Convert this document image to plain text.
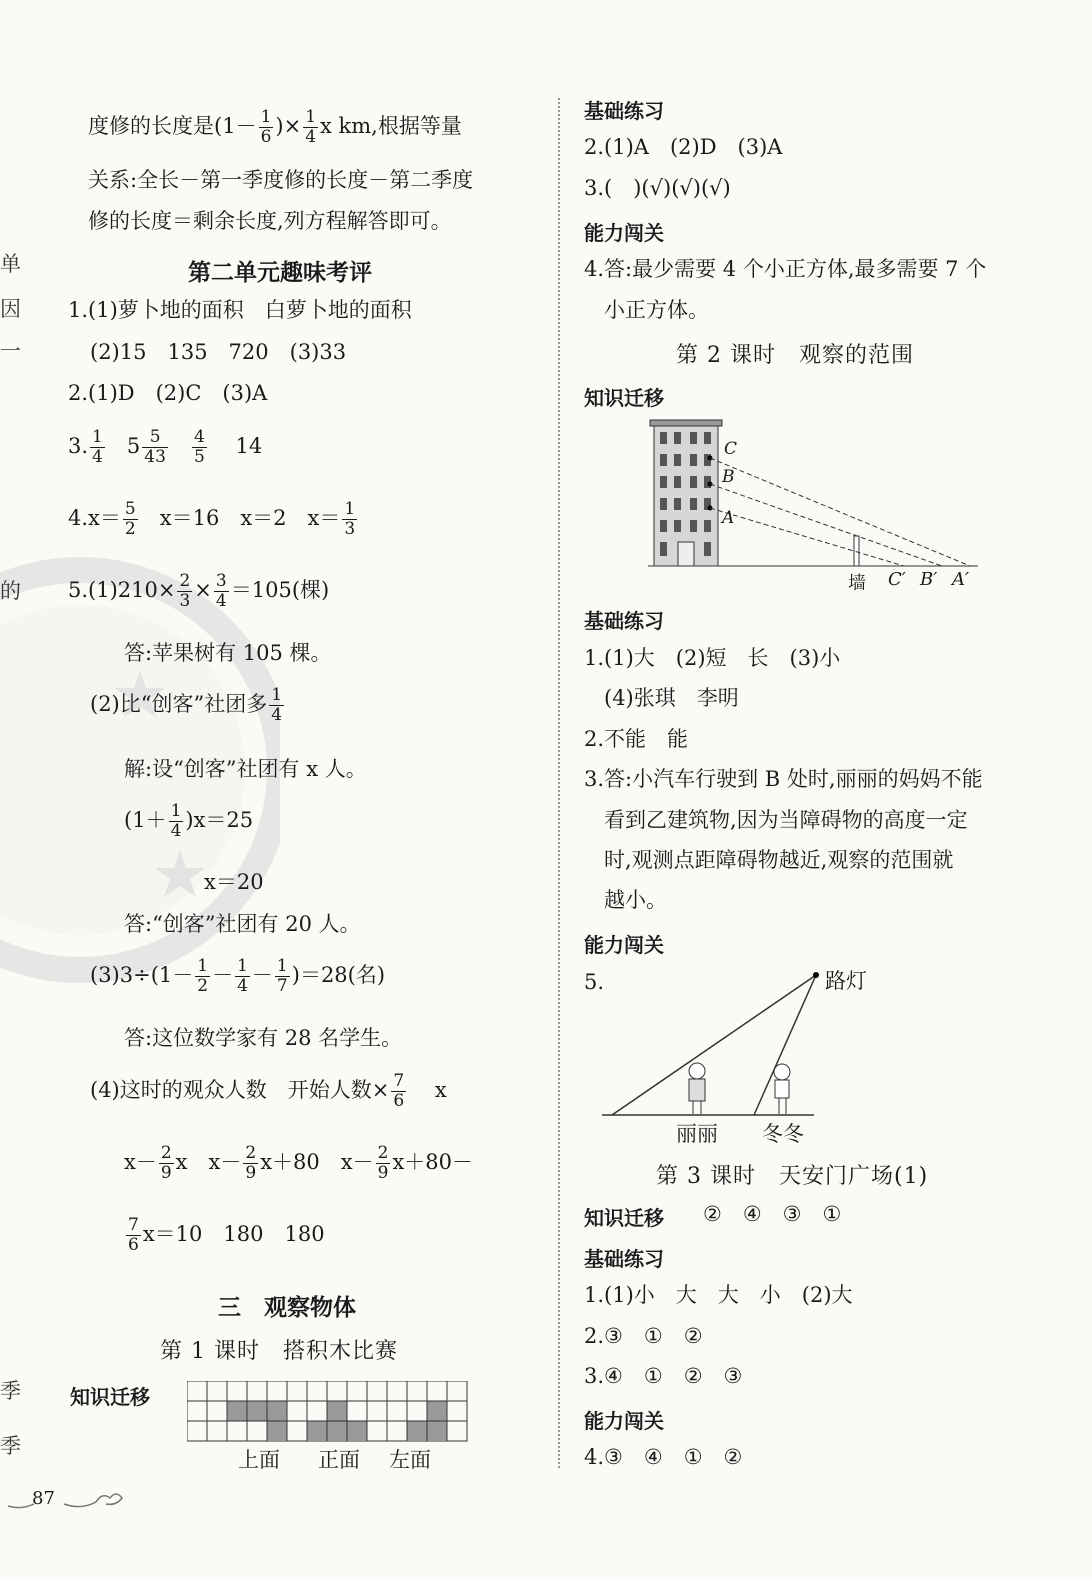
单
因
一
的
季
季
度修的长度是($1- \frac{1}{6}$ )× $\frac{1}{4}$ x km,根据等量
关系:全长－第一季度修的长度－第二季度
修的长度＝剩余长度,列方程解答即可。
第二单元趣味考评
1.(1)萝卜地的面积　白萝卜地的面积
(2)15　135　720　(3)33
2.(1)D　(2)C　(3)A
3. $\frac{1}{4} 5 \frac{5}{43}$
$\frac{4}{5} 14$
$4.x= \frac{5}{2} x=16$　x＝2　$x= \frac{1}{3}$
$5.(1)210\times \frac{2}{3} \times \frac{3}{4} =105$(棵)
答:苹果树有 105 棵。
(2)比“创客”社团多 $\frac{1}{4}$
解:设“创客”社团有 x 人。
$(1+ \frac{1}{4} )x=25$
x＝20
答:“创客”社团有 20 人。
$(3)3\div(1- \frac{1}{2} - \frac{1}{4} - \frac{1}{7} )=28$(名)
答:这位数学家有 28 名学生。
(4)这时的观众人数　开始人数× $\frac{7}{6}$ x
$x- \frac{2}{9}$ x　$x- \frac{2}{9} x+80$　$x- \frac{2}{9} x+80-$
$\frac{7}{6} x=10$　180　180
三　观察物体
第 1 课时　搭积木比赛
知识迁移
上面 正面 左面
87
基础练习
2.(1)A　(2)D　(3)A
3.(　)(√)(√)(√)
能力闯关
4.答:最少需要 4 个小正方体,最多需要 7 个
小正方体。
第 2 课时　观察的范围
知识迁移
C
B
A
墙 C′ B′ A′
基础练习
1.(1)大　(2)短　长　(3)小
(4)张琪　李明
2.不能　能
3.答:小汽车行驶到 B 处时,丽丽的妈妈不能
看到乙建筑物,因为当障碍物的高度一定
时,观测点距障碍物越近,观察的范围就
越小。
能力闯关
5.	路灯
丽丽 冬冬
第 3 课时　天安门广场(1)
知识迁移 ②　④　③　①
基础练习
1.(1)小　大　大　小　(2)大
2.③　①　②
3.④　①　②　③
能力闯关
4.③　④　①　②
